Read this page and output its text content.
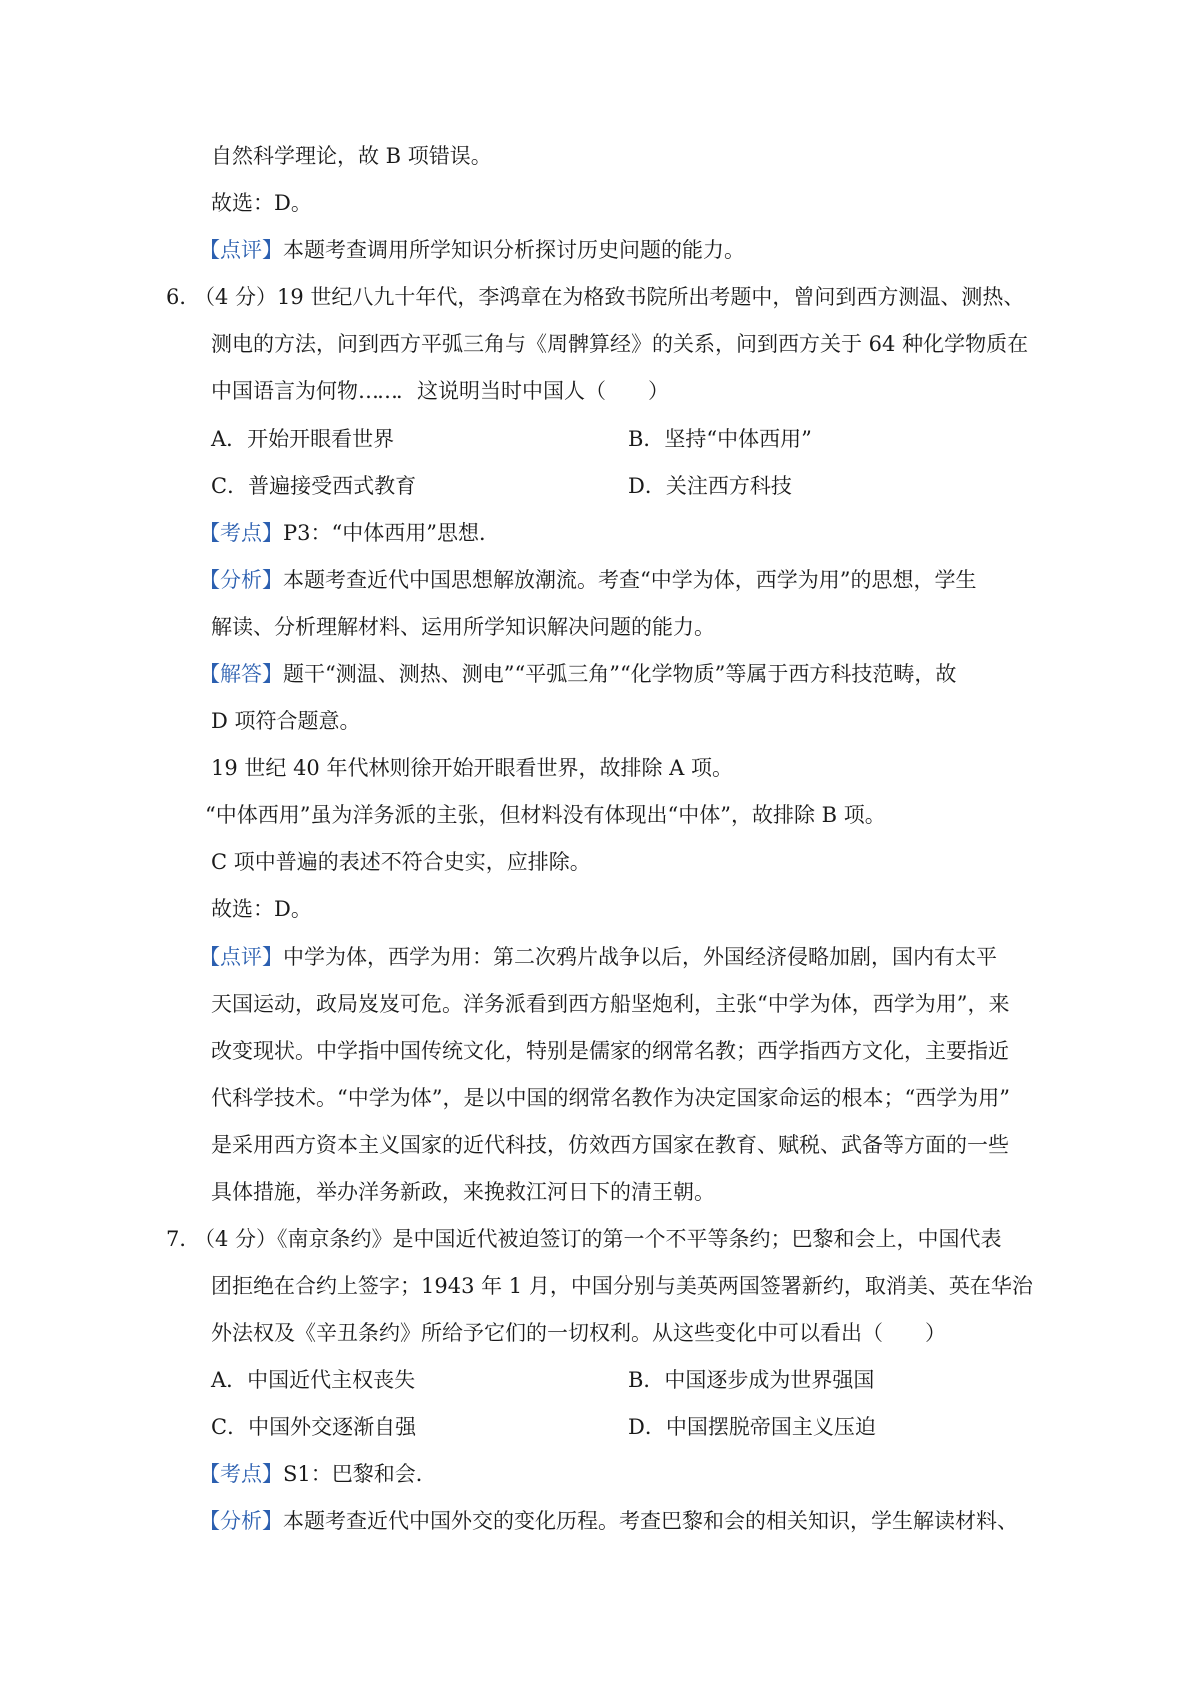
自然科学理论，故 B 项错误。
故选：D。
【点评】本题考查调用所学知识分析探讨历史问题的能力。
6．
（4 分）19 世纪八九十年代，李鸿章在为格致书院所出考题中，曾问到西方测温、测热、
测电的方法，问到西方平弧三角与《周髀算经》的关系，问到西方关于 64 种化学物质在
中国语言为何物……．这说明当时中国人（　　）
A．开始开眼看世界	B．坚持“中体西用”
C．普遍接受西式教育	D．关注西方科技
【考点】P3：“中体西用”思想．
【分析】本题考查近代中国思想解放潮流。考查“中学为体，西学为用”的思想，学生
解读、分析理解材料、运用所学知识解决问题的能力。
【解答】题干“测温、测热、测电”“平弧三角”“化学物质”等属于西方科技范畴，故
D 项符合题意。
19 世纪 40 年代林则徐开始开眼看世界，故排除 A 项。
“中体西用”虽为洋务派的主张，但材料没有体现出“中体”，故排除 B 项。
C 项中普遍的表述不符合史实，应排除。
故选：D。
【点评】中学为体，西学为用：第二次鸦片战争以后，外国经济侵略加剧，国内有太平
天国运动，政局岌岌可危。洋务派看到西方船坚炮利，主张“中学为体，西学为用”，来
改变现状。中学指中国传统文化，特别是儒家的纲常名教；西学指西方文化，主要指近
代科学技术。“中学为体”，是以中国的纲常名教作为决定国家命运的根本；“西学为用”
是采用西方资本主义国家的近代科技，仿效西方国家在教育、赋税、武备等方面的一些
具体措施，举办洋务新政，来挽救江河日下的清王朝。
7．
（4 分）《南京条约》是中国近代被迫签订的第一个不平等条约；巴黎和会上，中国代表
团拒绝在合约上签字；1943 年 1 月，中国分别与美英两国签署新约，取消美、英在华治
外法权及《辛丑条约》所给予它们的一切权利。从这些变化中可以看出（　　）
A．中国近代主权丧失	B．中国逐步成为世界强国
C．中国外交逐渐自强	D．中国摆脱帝国主义压迫
【考点】S1：巴黎和会．
【分析】本题考查近代中国外交的变化历程。考查巴黎和会的相关知识，学生解读材料、
